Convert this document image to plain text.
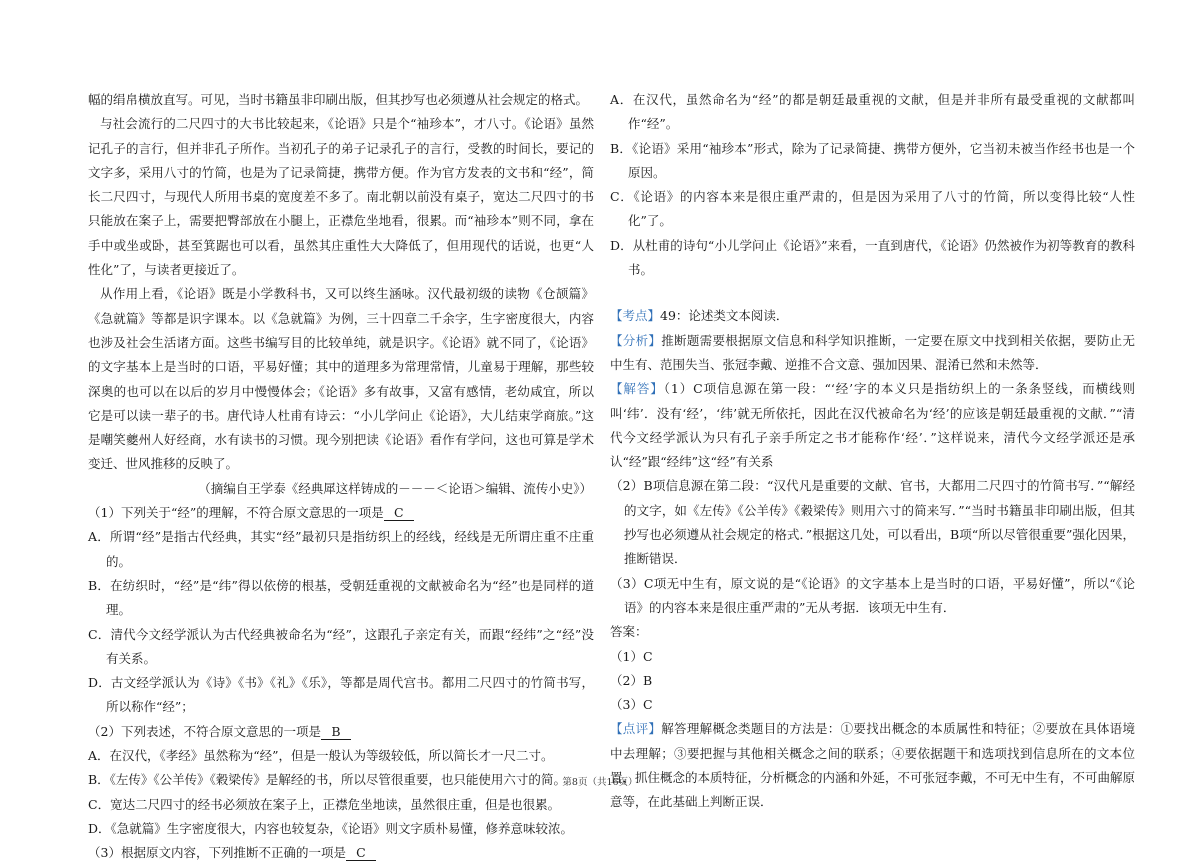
幅的绢帛横放直写。可见，当时书籍虽非印刷出版，但其抄写也必须遵从社会规定的格式。

与社会流行的二尺四寸的大书比较起来，《论语》只是个“袖珍本”，才八寸。《论语》虽然记孔子的言行，但并非孔子所作。当初孔子的弟子记录孔子的言行，受教的时间长，要记的文字多，采用八寸的竹简，也是为了记录简捷，携带方便。作为官方发表的文书和“经”，简长二尺四寸，与现代人所用书桌的宽度差不多了。南北朝以前没有桌子，宽达二尺四寸的书只能放在案子上，需要把臀部放在小腿上，正襟危坐地看，很累。而“袖珍本”则不同，拿在手中或坐或卧，甚至箕踞也可以看，虽然其庄重性大大降低了，但用现代的话说，也更“人性化”了，与读者更接近了。

从作用上看，《论语》既是小学教科书，又可以终生涵咏。汉代最初级的读物《仓颉篇》《急就篇》等都是识字课本。以《急就篇》为例，三十四章二千余字，生字密度很大，内容也涉及社会生活诸方面。这些书编写目的比较单纯，就是识字。《论语》就不同了，《论语》的文字基本上是当时的口语，平易好懂；其中的道理多为常理常情，儿童易于理解，那些较深奥的也可以在以后的岁月中慢慢体会；《论语》多有故事，又富有感情，老幼咸宜，所以它是可以读一辈子的书。唐代诗人杜甫有诗云：“小儿学问止《论语》，大儿结束学商旅。”这是嘲笑夔州人好经商，水有读书的习惯。现今别把读《论语》看作有学问，这也可算是学术变迁、世风推移的反映了。

（摘编自王学泰《经典犀这样铸成的－－－＜论语＞编辑、流传小史》）

（1）下列关于“经”的理解，不符合原文意思的一项是 C

A．所谓“经”是指古代经典，其实“经”最初只是指纺织上的经线，经线是无所谓庄重不庄重的。

B．在纺织时，“经”是“纬”得以依傍的根基，受朝廷重视的文献被命名为“经”也是同样的道理。

C．清代今文经学派认为古代经典被命名为“经”，这跟孔子亲定有关，而跟“经纬”之“经”没有关系。

D．古文经学派认为《诗》《书》《礼》《乐》，等都是周代宫书。都用二尺四寸的竹简书写，所以称作“经”；

（2）下列表述，不符合原文意思的一项是 B

A．在汉代，《孝经》虽然称为“经”，但是一般认为等级较低，所以简长才一尺二寸。

B．《左传》《公羊传》《穀梁传》是解经的书，所以尽管很重要，也只能使用六寸的简。

C．宽达二尺四寸的经书必须放在案子上，正襟危坐地读，虽然很庄重，但是也很累。

D．《急就篇》生字密度很大，内容也较复杂，《论语》则文字质朴易懂，修养意味较浓。

（3）根据原文内容，下列推断不正确的一项是 C

A．在汉代，虽然命名为“经”的都是朝廷最重视的文献，但是并非所有最受重视的文献都叫作“经”。

B．《论语》采用“袖珍本”形式，除为了记录简捷、携带方便外，它当初未被当作经书也是一个原因。

C．《论语》的内容本来是很庄重严肃的，但是因为采用了八寸的竹简，所以变得比较“人性化”了。

D．从杜甫的诗句“小儿学问止《论语》”来看，一直到唐代，《论语》仍然被作为初等教育的教科书。

【考点】49：论述类文本阅读．

【分析】推断题需要根据原文信息和科学知识推断，一定要在原文中找到相关依据，要防止无中生有、范围失当、张冠李戴、逆推不合文意、强加因果、混淆已然和未然等．

【解答】（1）C项信息源在第一段：“‘经’字的本义只是指纺织上的一条条竖线，而横线则叫‘纬’．没有‘经’，‘纬’就无所依托，因此在汉代被命名为‘经’的应该是朝廷最重视的文献．”“清代今文经学派认为只有孔子亲手所定之书才能称作‘经’．”这样说来，清代今文经学派还是承认“经”跟“经纬”这“经”有关系

（2）B项信息源在第二段：“汉代凡是重要的文献、官书，大都用二尺四寸的竹简书写．”“解经的文字，如《左传》《公羊传》《穀梁传》则用六寸的简来写．”“当时书籍虽非印刷出版，但其抄写也必须遵从社会规定的格式．”根据这几处，可以看出，B项“所以尽管很重要”强化因果，推断错误．

（3）C项无中生有，原文说的是“《论语》的文字基本上是当时的口语，平易好懂”，所以“《论语》的内容本来是很庄重严肃的”无从考据．该项无中生有．

答案：

（1）C

（2）B

（3）C

【点评】解答理解概念类题目的方法是：①要找出概念的本质属性和特征；②要放在具体语境中去理解；③要把握与其他相关概念之间的联系；④要依据题干和选项找到信息所在的文本位置，抓住概念的本质特征，分析概念的内涵和外延，不可张冠李戴，不可无中生有，不可曲解原意等，在此基础上判断正误．

第8页（共16页）
